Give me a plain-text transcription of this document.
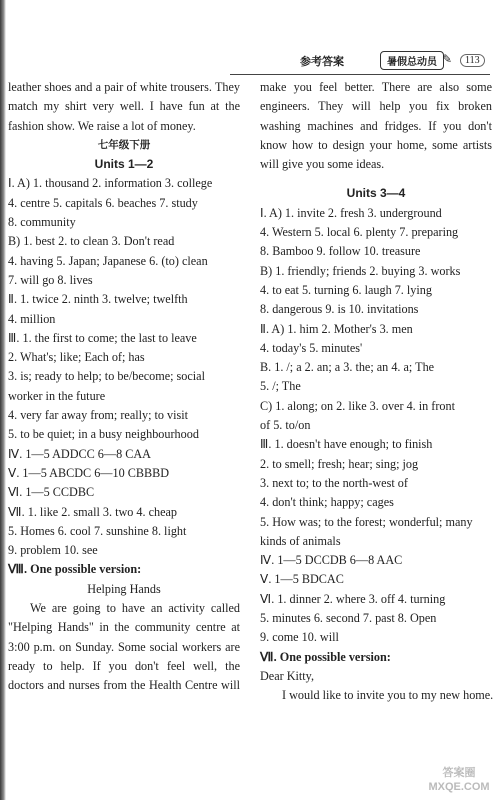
参考答案	暑假总动员 ✎	113
leather shoes and a pair of white trousers. They
match my shirt very well. I have fun at the
fashion show. We raise a lot of money.
七年级下册
Units 1—2
Ⅰ. A) 1. thousand 2. information 3. college
4. centre 5. capitals 6. beaches 7. study
8. community
B) 1. best 2. to clean 3. Don't read
4. having 5. Japan; Japanese 6. (to) clean
7. will go 8. lives
Ⅱ. 1. twice 2. ninth 3. twelve; twelfth
4. million
Ⅲ. 1. the first to come; the last to leave
2. What's; like; Each of; has
3. is; ready to help; to be/become; social
worker in the future
4. very far away from; really; to visit
5. to be quiet; in a busy neighbourhood
Ⅳ. 1—5 ADDCC 6—8 CAA
Ⅴ. 1—5 ABCDC 6—10 CBBBD
Ⅵ. 1—5 CCDBC
Ⅶ. 1. like 2. small 3. two 4. cheap
5. Homes 6. cool 7. sunshine 8. light
9. problem 10. see
Ⅷ. One possible version:
Helping Hands
We are going to have an activity called
"Helping Hands" in the community centre at
3:00 p.m. on Sunday. Some social workers are
ready to help. If you don't feel well, the
doctors and nurses from the Health Centre will
make you feel better. There are also some
engineers. They will help you fix broken
washing machines and fridges. If you don't
know how to design your home, some artists
will give you some ideas.
Units 3—4
Ⅰ. A) 1. invite 2. fresh 3. underground
4. Western 5. local 6. plenty 7. preparing
8. Bamboo 9. follow 10. treasure
B) 1. friendly; friends 2. buying 3. works
4. to eat 5. turning 6. laugh 7. lying
8. dangerous 9. is 10. invitations
Ⅱ. A) 1. him 2. Mother's 3. men
4. today's 5. minutes'
B. 1. /; a 2. an; a 3. the; an 4. a; The
5. /; The
C) 1. along; on 2. like 3. over 4. in front
of 5. to/on
Ⅲ. 1. doesn't have enough; to finish
2. to smell; fresh; hear; sing; jog
3. next to; to the north-west of
4. don't think; happy; cages
5. How was; to the forest; wonderful; many
kinds of animals
Ⅳ. 1—5 DCCDB 6—8 AAC
Ⅴ. 1—5 BDCAC
Ⅵ. 1. dinner 2. where 3. off 4. turning
5. minutes 6. second 7. past 8. Open
9. come 10. will
Ⅶ. One possible version:
Dear Kitty,
I would like to invite you to my new home.
答案圈
MXQE.COM
